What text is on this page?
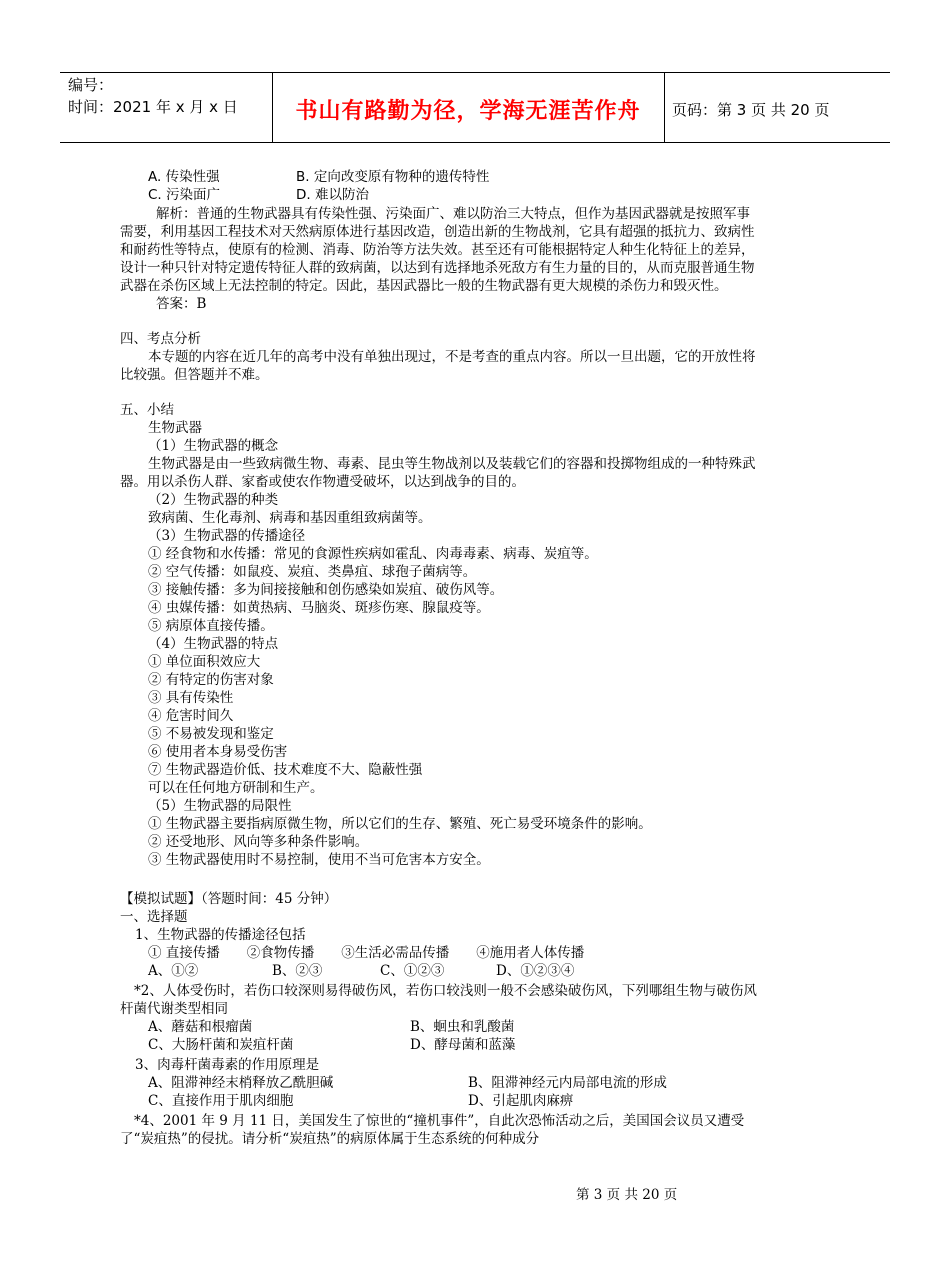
编号：
时间：2021 年 x 月 x 日	书山有路勤为径，学海无涯苦作舟	页码：第 3 页 共 20 页
A. 传染性强	B. 定向改变原有物种的遗传特性
C. 污染面广	D. 难以防治
解析：普通的生物武器具有传染性强、污染面广、难以防治三大特点，但作为基因武器就是按照军事
需要，利用基因工程技术对天然病原体进行基因改造，创造出新的生物战剂，它具有超强的抵抗力、致病性
和耐药性等特点，使原有的检测、消毒、防治等方法失效。甚至还有可能根据特定人种生化特征上的差异，
设计一种只针对特定遗传特征人群的致病菌，以达到有选择地杀死敌方有生力量的目的，从而克服普通生物
武器在杀伤区域上无法控制的特定。因此，基因武器比一般的生物武器有更大规模的杀伤力和毁灭性。
答案：B
四、考点分析
本专题的内容在近几年的高考中没有单独出现过，不是考查的重点内容。所以一旦出题，它的开放性将
比较强。但答题并不难。
五、小结
生物武器
（1）生物武器的概念
生物武器是由一些致病微生物、毒素、昆虫等生物战剂以及装载它们的容器和投掷物组成的一种特殊武
器。用以杀伤人群、家畜或使农作物遭受破坏，以达到战争的目的。
（2）生物武器的种类
致病菌、生化毒剂、病毒和基因重组致病菌等。
（3）生物武器的传播途径
① 经食物和水传播：常见的食源性疾病如霍乱、肉毒毒素、病毒、炭疽等。
② 空气传播：如鼠疫、炭疽、类鼻疽、球孢子菌病等。
③ 接触传播：多为间接接触和创伤感染如炭疽、破伤风等。
④ 虫媒传播：如黄热病、马脑炎、斑疹伤寒、腺鼠疫等。
⑤ 病原体直接传播。
（4）生物武器的特点
① 单位面积效应大
② 有特定的伤害对象
③ 具有传染性
④ 危害时间久
⑤ 不易被发现和鉴定
⑥ 使用者本身易受伤害
⑦ 生物武器造价低、技术难度不大、隐蔽性强
可以在任何地方研制和生产。
（5）生物武器的局限性
① 生物武器主要指病原微生物，所以它们的生存、繁殖、死亡易受环境条件的影响。
② 还受地形、风向等多种条件影响。
③ 生物武器使用时不易控制，使用不当可危害本方安全。
【模拟试题】（答题时间：45 分钟）
一、选择题
1、生物武器的传播途径包括
① 直接传播　　②食物传播　　③生活必需品传播　　④施用者人体传播
A、①②	B、②③	C、①②③	D、①②③④
*2、人体受伤时，若伤口较深则易得破伤风，若伤口较浅则一般不会感染破伤风，下列哪组生物与破伤风
杆菌代谢类型相同
A、蘑菇和根瘤菌	B、蛔虫和乳酸菌
C、大肠杆菌和炭疽杆菌	D、酵母菌和蓝藻
3、肉毒杆菌毒素的作用原理是
A、阻滞神经末梢释放乙酰胆碱	B、阻滞神经元内局部电流的形成
C、直接作用于肌肉细胞	D、引起肌肉麻痹
*4、2001 年 9 月 11 日，美国发生了惊世的“撞机事件”，自此次恐怖活动之后，美国国会议员又遭受
了“炭疽热”的侵扰。请分析“炭疽热”的病原体属于生态系统的何种成分
第 3 页 共 20 页
